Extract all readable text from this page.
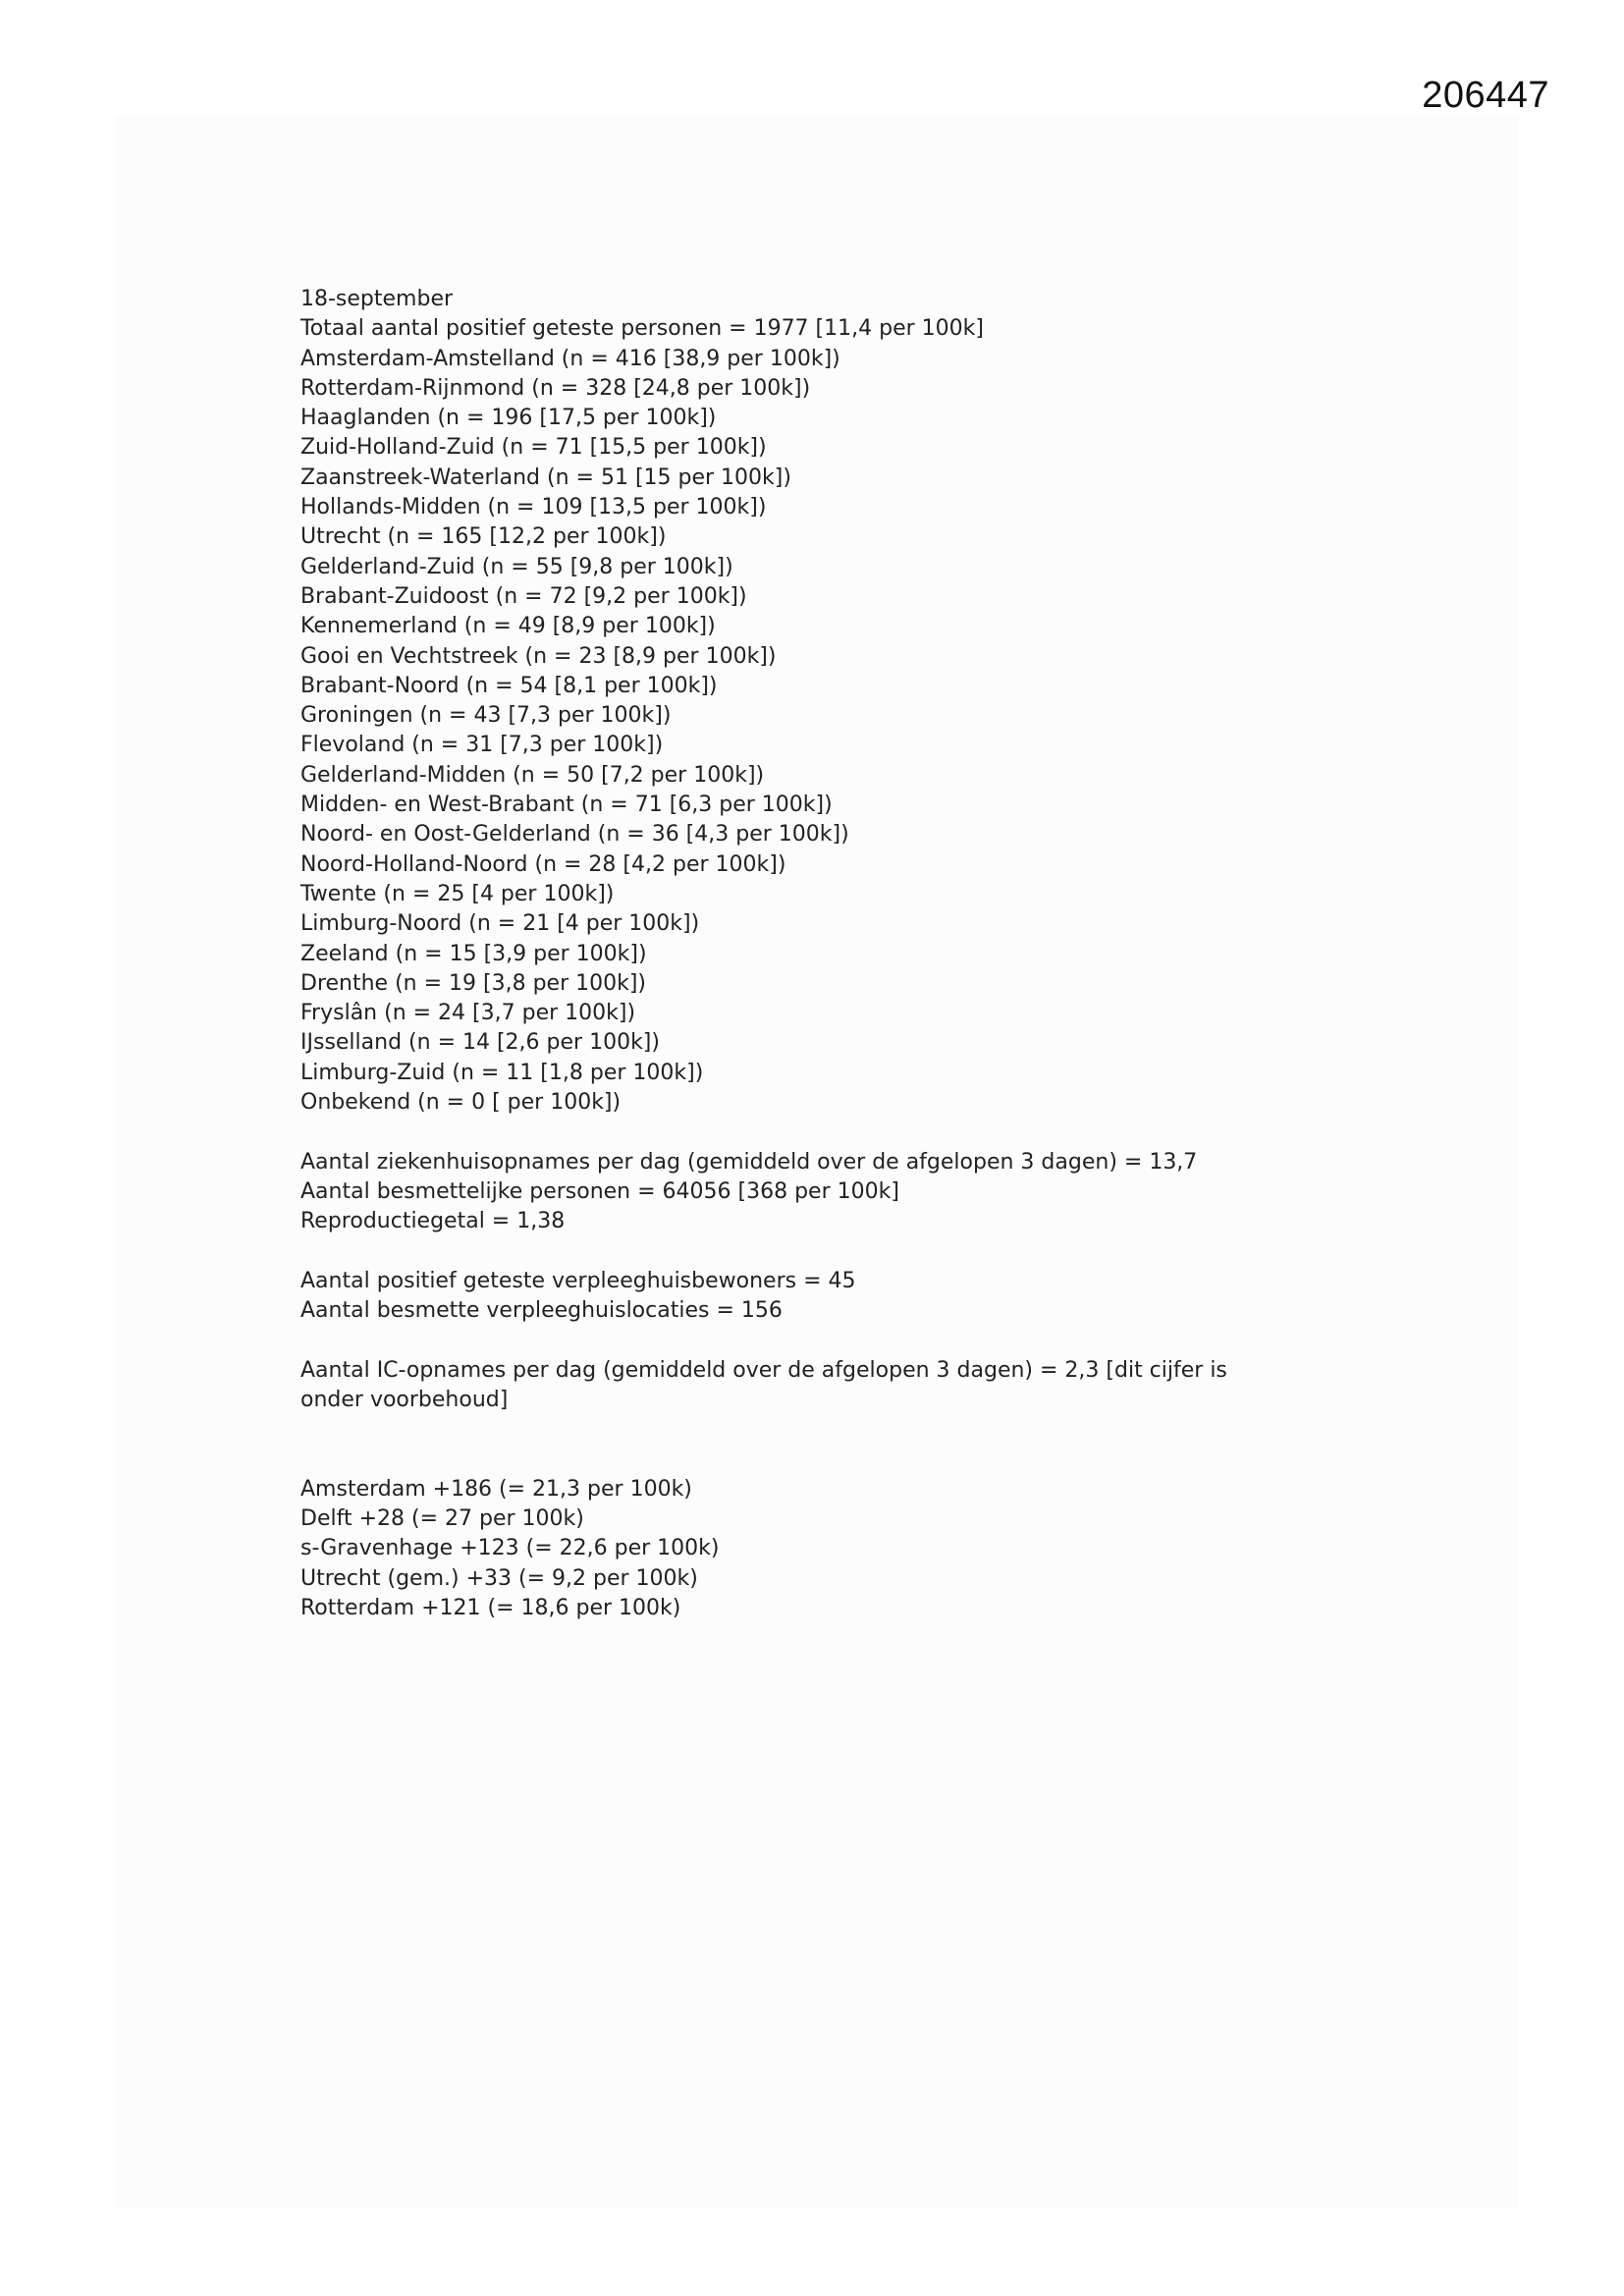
206447
18-september
Totaal aantal positief geteste personen = 1977 [11,4 per 100k]
Amsterdam-Amstelland (n = 416 [38,9 per 100k])
Rotterdam-Rijnmond (n = 328 [24,8 per 100k])
Haaglanden (n = 196 [17,5 per 100k])
Zuid-Holland-Zuid (n = 71 [15,5 per 100k])
Zaanstreek-Waterland (n = 51 [15 per 100k])
Hollands-Midden (n = 109 [13,5 per 100k])
Utrecht (n = 165 [12,2 per 100k])
Gelderland-Zuid (n = 55 [9,8 per 100k])
Brabant-Zuidoost (n = 72 [9,2 per 100k])
Kennemerland (n = 49 [8,9 per 100k])
Gooi en Vechtstreek (n = 23 [8,9 per 100k])
Brabant-Noord (n = 54 [8,1 per 100k])
Groningen (n = 43 [7,3 per 100k])
Flevoland (n = 31 [7,3 per 100k])
Gelderland-Midden (n = 50 [7,2 per 100k])
Midden- en West-Brabant (n = 71 [6,3 per 100k])
Noord- en Oost-Gelderland (n = 36 [4,3 per 100k])
Noord-Holland-Noord (n = 28 [4,2 per 100k])
Twente (n = 25 [4 per 100k])
Limburg-Noord (n = 21 [4 per 100k])
Zeeland (n = 15 [3,9 per 100k])
Drenthe (n = 19 [3,8 per 100k])
Fryslân (n = 24 [3,7 per 100k])
IJsselland (n = 14 [2,6 per 100k])
Limburg-Zuid (n = 11 [1,8 per 100k])
Onbekend (n = 0 [ per 100k])
Aantal ziekenhuisopnames per dag (gemiddeld over de afgelopen 3 dagen) = 13,7
Aantal besmettelijke personen = 64056 [368 per 100k]
Reproductiegetal = 1,38
Aantal positief geteste verpleeghuisbewoners = 45
Aantal besmette verpleeghuislocaties = 156
Aantal IC-opnames per dag (gemiddeld over de afgelopen 3 dagen) = 2,3 [dit cijfer is
onder voorbehoud]
Amsterdam +186 (= 21,3 per 100k)
Delft +28 (= 27 per 100k)
s-Gravenhage +123 (= 22,6 per 100k)
Utrecht (gem.) +33 (= 9,2 per 100k)
Rotterdam +121 (= 18,6 per 100k)
